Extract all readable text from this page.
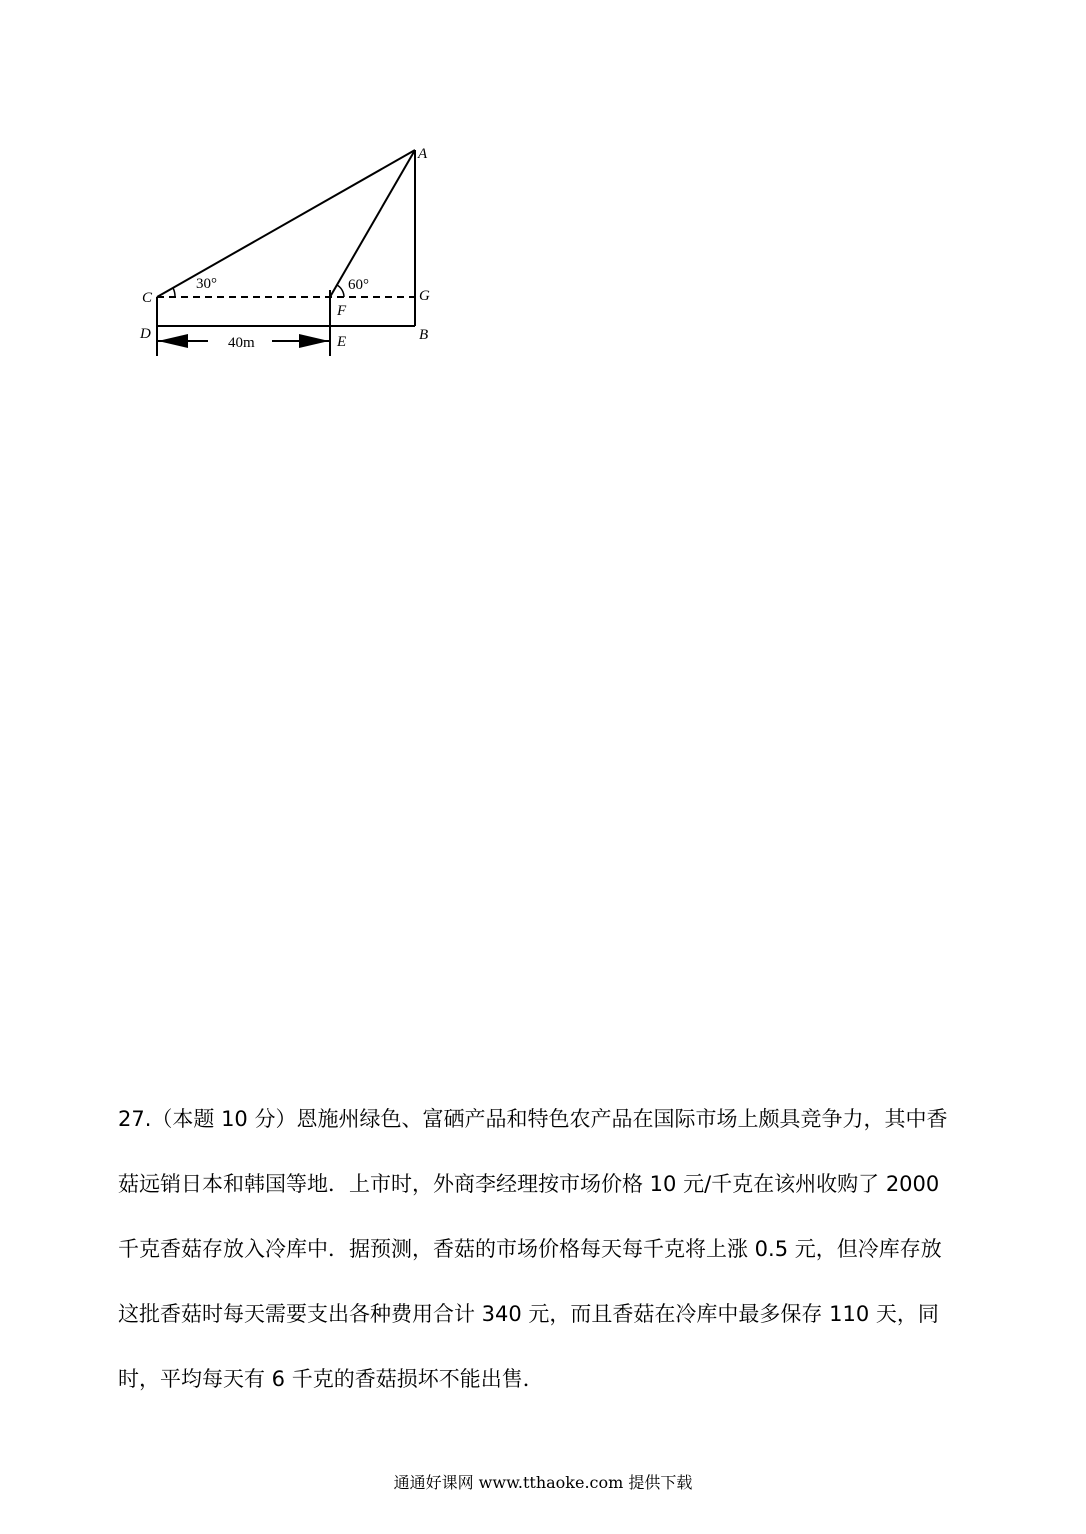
A
C
D
F
E
G
B
30°	60°
40m
27.（本题 10 分）恩施州绿色、富硒产品和特色农产品在国际市场上颇具竞争力，其中香
菇远销日本和韩国等地．上市时，外商李经理按市场价格 10 元/千克在该州收购了 2000
千克香菇存放入冷库中．据预测，香菇的市场价格每天每千克将上涨 0.5 元，但冷库存放
这批香菇时每天需要支出各种费用合计 340 元，而且香菇在冷库中最多保存 110 天，同
时，平均每天有 6 千克的香菇损坏不能出售．
通通好课网 www.tthaoke.com 提供下载
